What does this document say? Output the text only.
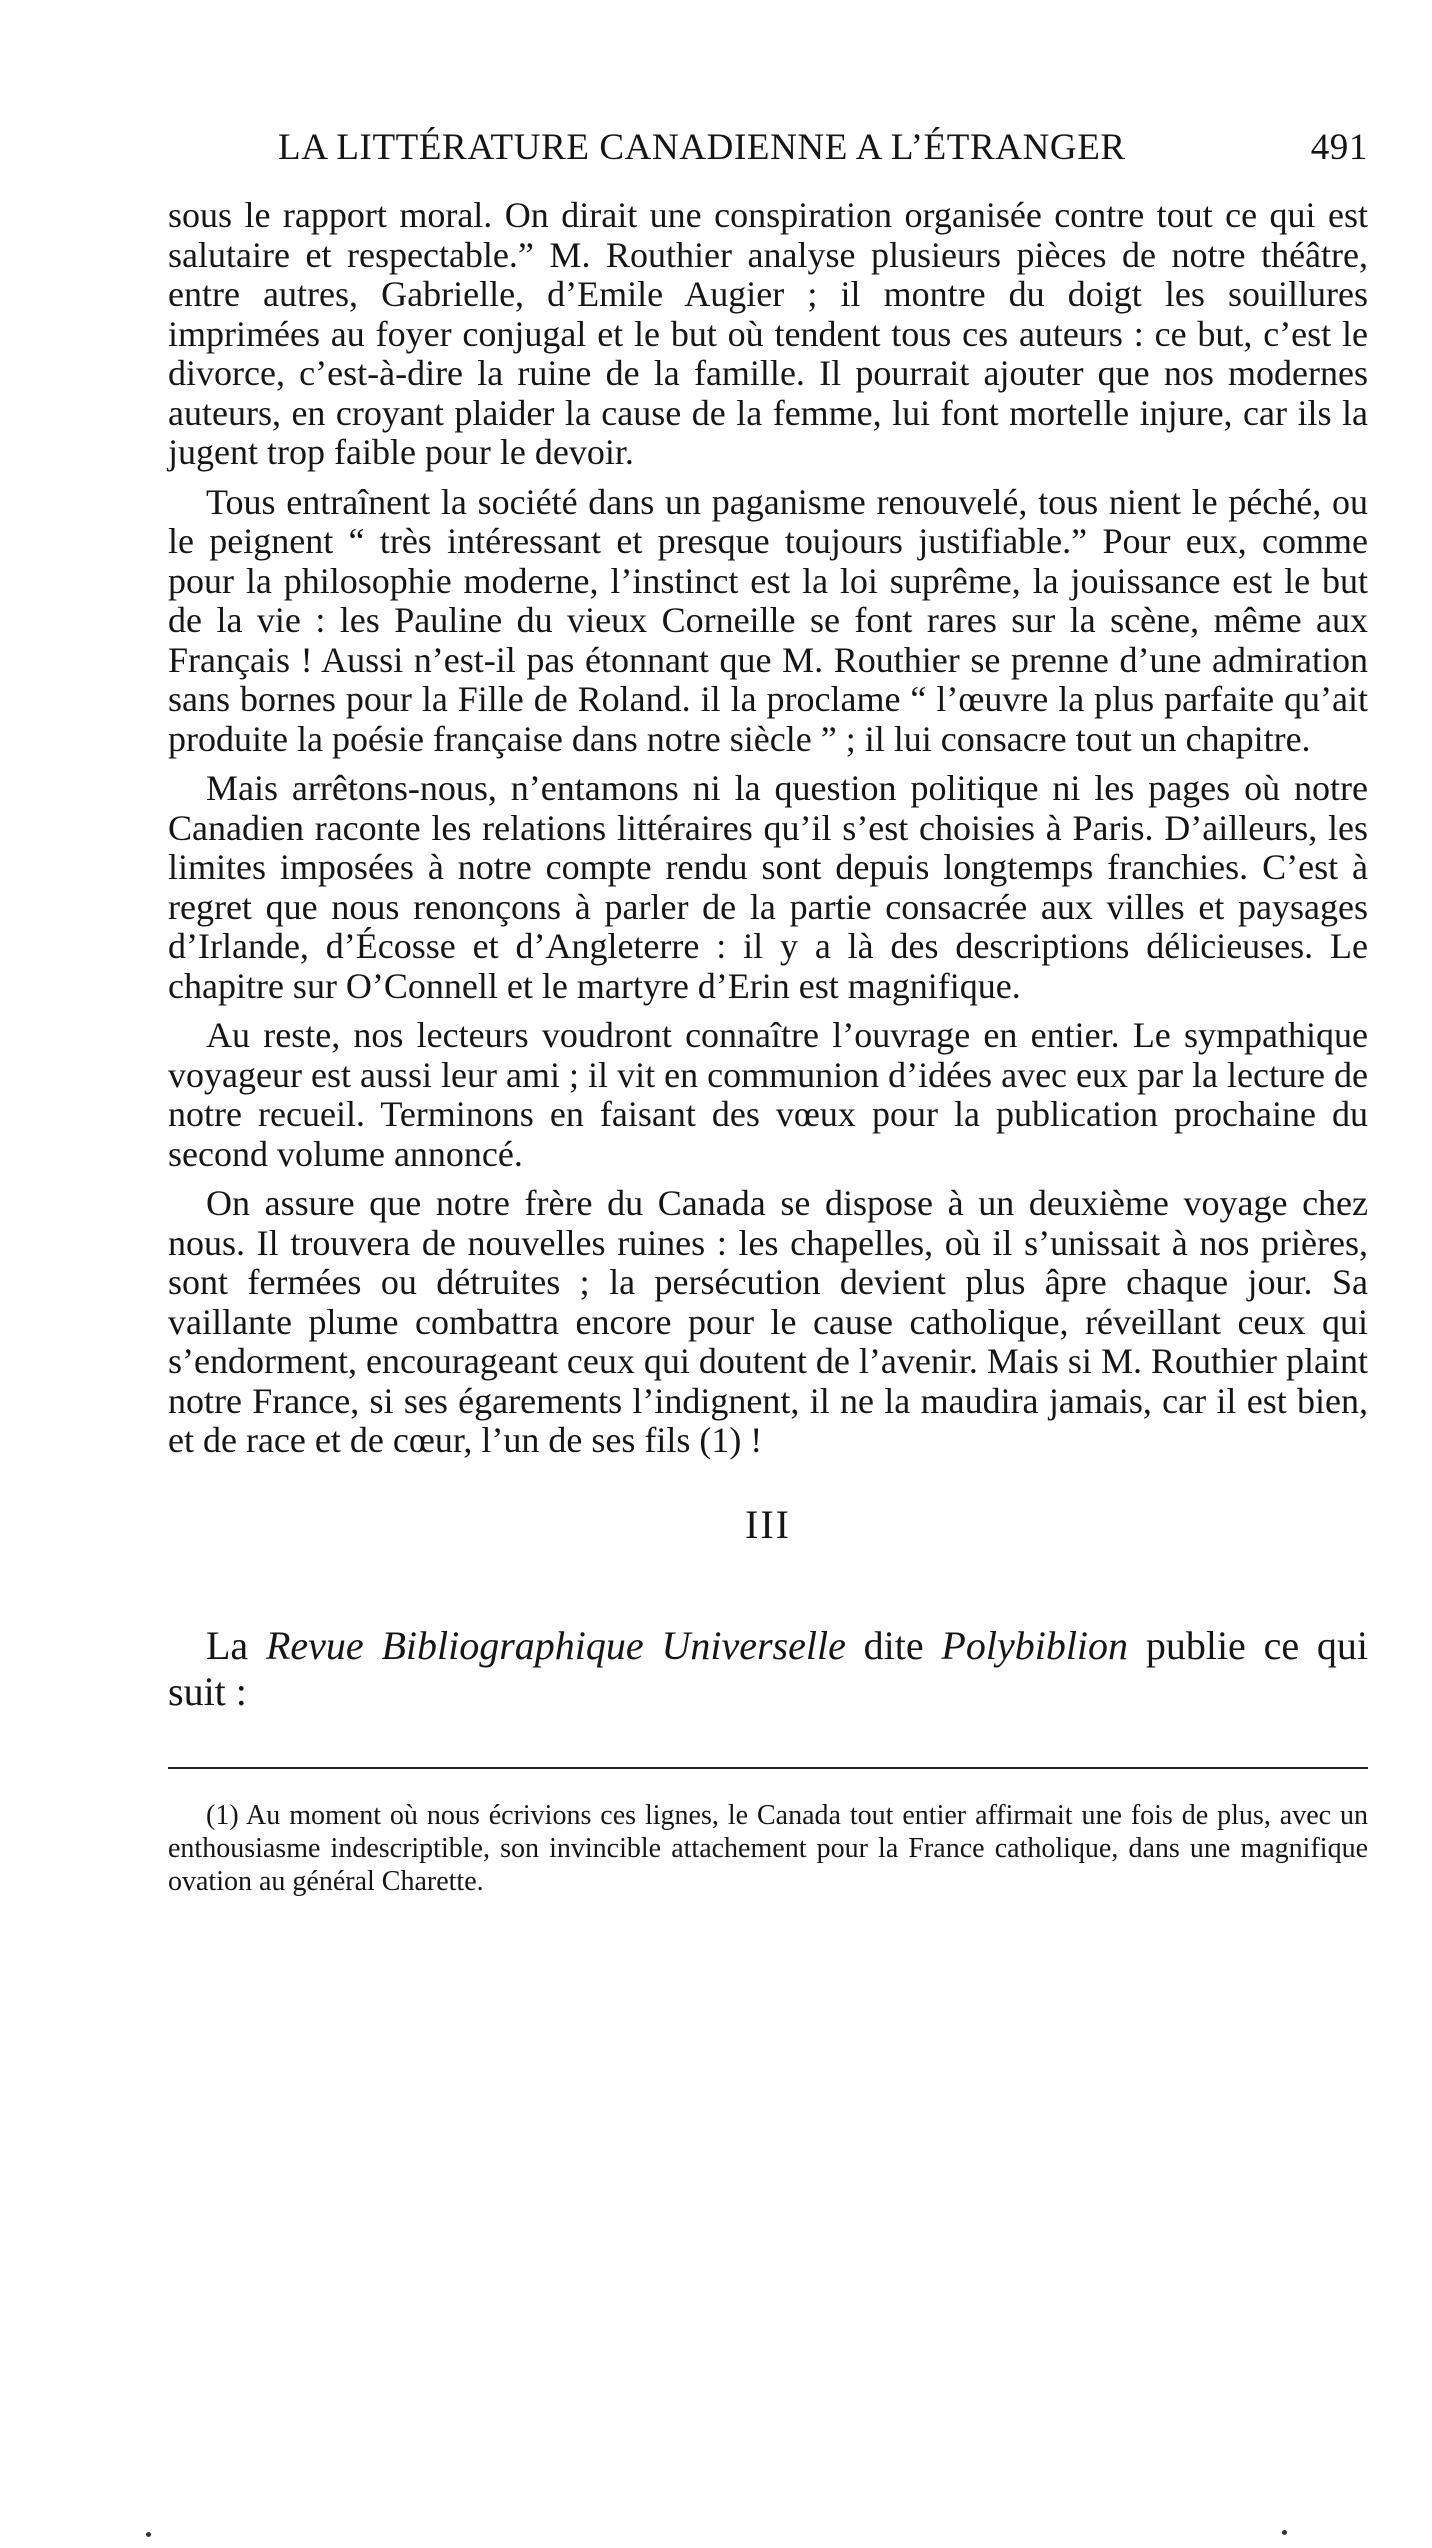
LA LITTÉRATURE CANADIENNE A L’ÉTRANGER	491

sous le rapport moral. On dirait une conspiration organisée contre tout ce qui est salutaire et respectable.” M. Routhier analyse plusieurs pièces de notre théâtre, entre autres, Gabrielle, d’Emile Augier ; il montre du doigt les souillures imprimées au foyer conjugal et le but où tendent tous ces auteurs : ce but, c’est le divorce, c’est-à-dire la ruine de la famille. Il pourrait ajouter que nos modernes auteurs, en croyant plaider la cause de la femme, lui font mortelle injure, car ils la jugent trop faible pour le devoir.

Tous entraînent la société dans un paganisme renouvelé, tous nient le péché, ou le peignent “ très intéressant et presque toujours justifiable.” Pour eux, comme pour la philosophie moderne, l’instinct est la loi suprême, la jouissance est le but de la vie : les Pauline du vieux Corneille se font rares sur la scène, même aux Français ! Aussi n’est-il pas étonnant que M. Routhier se prenne d’une admiration sans bornes pour la Fille de Roland. il la proclame “ l’œuvre la plus parfaite qu’ait produite la poésie française dans notre siècle ” ; il lui consacre tout un chapitre.

Mais arrêtons-nous, n’entamons ni la question politique ni les pages où notre Canadien raconte les relations littéraires qu’il s’est choisies à Paris. D’ailleurs, les limites imposées à notre compte rendu sont depuis longtemps franchies. C’est à regret que nous renonçons à parler de la partie consacrée aux villes et paysages d’Irlande, d’Écosse et d’Angleterre : il y a là des descriptions délicieuses. Le chapitre sur O’Connell et le martyre d’Erin est magnifique.

Au reste, nos lecteurs voudront connaître l’ouvrage en entier. Le sympathique voyageur est aussi leur ami ; il vit en communion d’idées avec eux par la lecture de notre recueil. Terminons en faisant des vœux pour la publication prochaine du second volume annoncé.

On assure que notre frère du Canada se dispose à un deuxième voyage chez nous. Il trouvera de nouvelles ruines : les chapelles, où il s’unissait à nos prières, sont fermées ou détruites ; la persécution devient plus âpre chaque jour. Sa vaillante plume combattra encore pour le cause catholique, réveillant ceux qui s’endorment, encourageant ceux qui doutent de l’avenir. Mais si M. Routhier plaint notre France, si ses égarements l’indignent, il ne la maudira jamais, car il est bien, et de race et de cœur, l’un de ses fils (1) !

III

La Revue Bibliographique Universelle dite Polybiblion publie ce qui suit :

(1) Au moment où nous écrivions ces lignes, le Canada tout entier affirmait une fois de plus, avec un enthousiasme indescriptible, son invincible attachement pour la France catholique, dans une magnifique ovation au général Charette.
